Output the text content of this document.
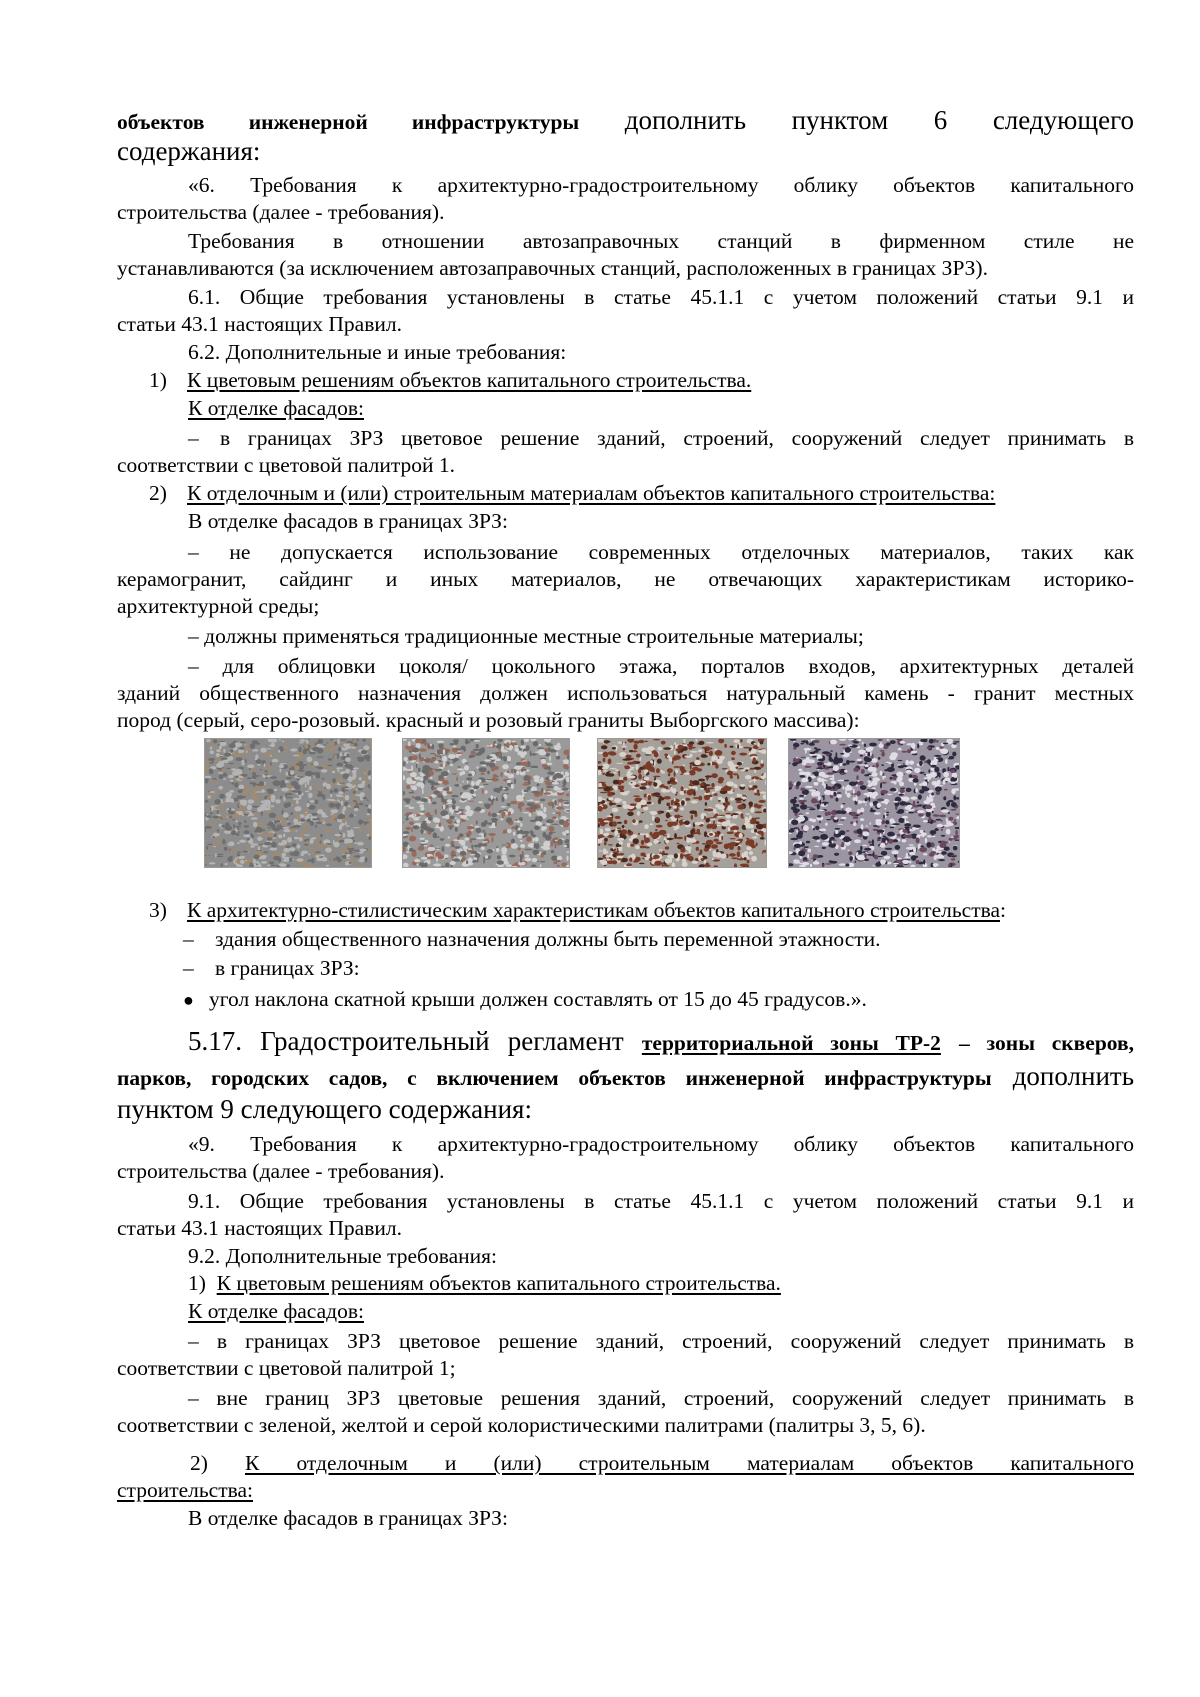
объектов инженерной инфраструктуры дополнить пунктом 6 следующего
содержания:
«6. Требования к архитектурно-градостроительному облику объектов капитального
строительства (далее - требования).
Требования в отношении автозаправочных станций в фирменном стиле не
устанавливаются (за исключением автозаправочных станций, расположенных в границах ЗРЗ).
6.1. Общие требования установлены в статье 45.1.1 с учетом положений статьи 9.1 и
статьи 43.1 настоящих Правил.
6.2. Дополнительные и иные требования:
1) К цветовым решениям объектов капитального строительства.
К отделке фасадов:
– в границах ЗРЗ цветовое решение зданий, строений, сооружений следует принимать в
соответствии с цветовой палитрой 1.
2) К отделочным и (или) строительным материалам объектов капитального строительства:
В отделке фасадов в границах ЗРЗ:
– не допускается использование современных отделочных материалов, таких как
керамогранит, сайдинг и иных материалов, не отвечающих характеристикам историко-
архитектурной среды;
– должны применяться традиционные местные строительные материалы;
– для облицовки цоколя/ цокольного этажа, порталов входов, архитектурных деталей
зданий общественного назначения должен использоваться натуральный камень - гранит местных
пород (серый, серо-розовый. красный и розовый граниты Выборгского массива):
3) К архитектурно-стилистическим характеристикам объектов капитального строительства:
– здания общественного назначения должны быть переменной этажности.
– в границах ЗРЗ:
● угол наклона скатной крыши должен составлять от 15 до 45 градусов.».
5.17. Градостроительный регламент территориальной зоны ТР-2 – зоны скверов,
парков, городских садов, с включением объектов инженерной инфраструктуры дополнить
пунктом 9 следующего содержания:
«9. Требования к архитектурно-градостроительному облику объектов капитального
строительства (далее - требования).
9.1. Общие требования установлены в статье 45.1.1 с учетом положений статьи 9.1 и
статьи 43.1 настоящих Правил.
9.2. Дополнительные требования:
1) К цветовым решениям объектов капитального строительства.
К отделке фасадов:
– в границах ЗРЗ цветовое решение зданий, строений, сооружений следует принимать в
соответствии с цветовой палитрой 1;
– вне границ ЗРЗ цветовые решения зданий, строений, сооружений следует принимать в
соответствии с зеленой, желтой и серой колористическими палитрами (палитры 3, 5, 6).
2) К отделочным и (или) строительным материалам объектов капитального
строительства:
В отделке фасадов в границах ЗРЗ:
